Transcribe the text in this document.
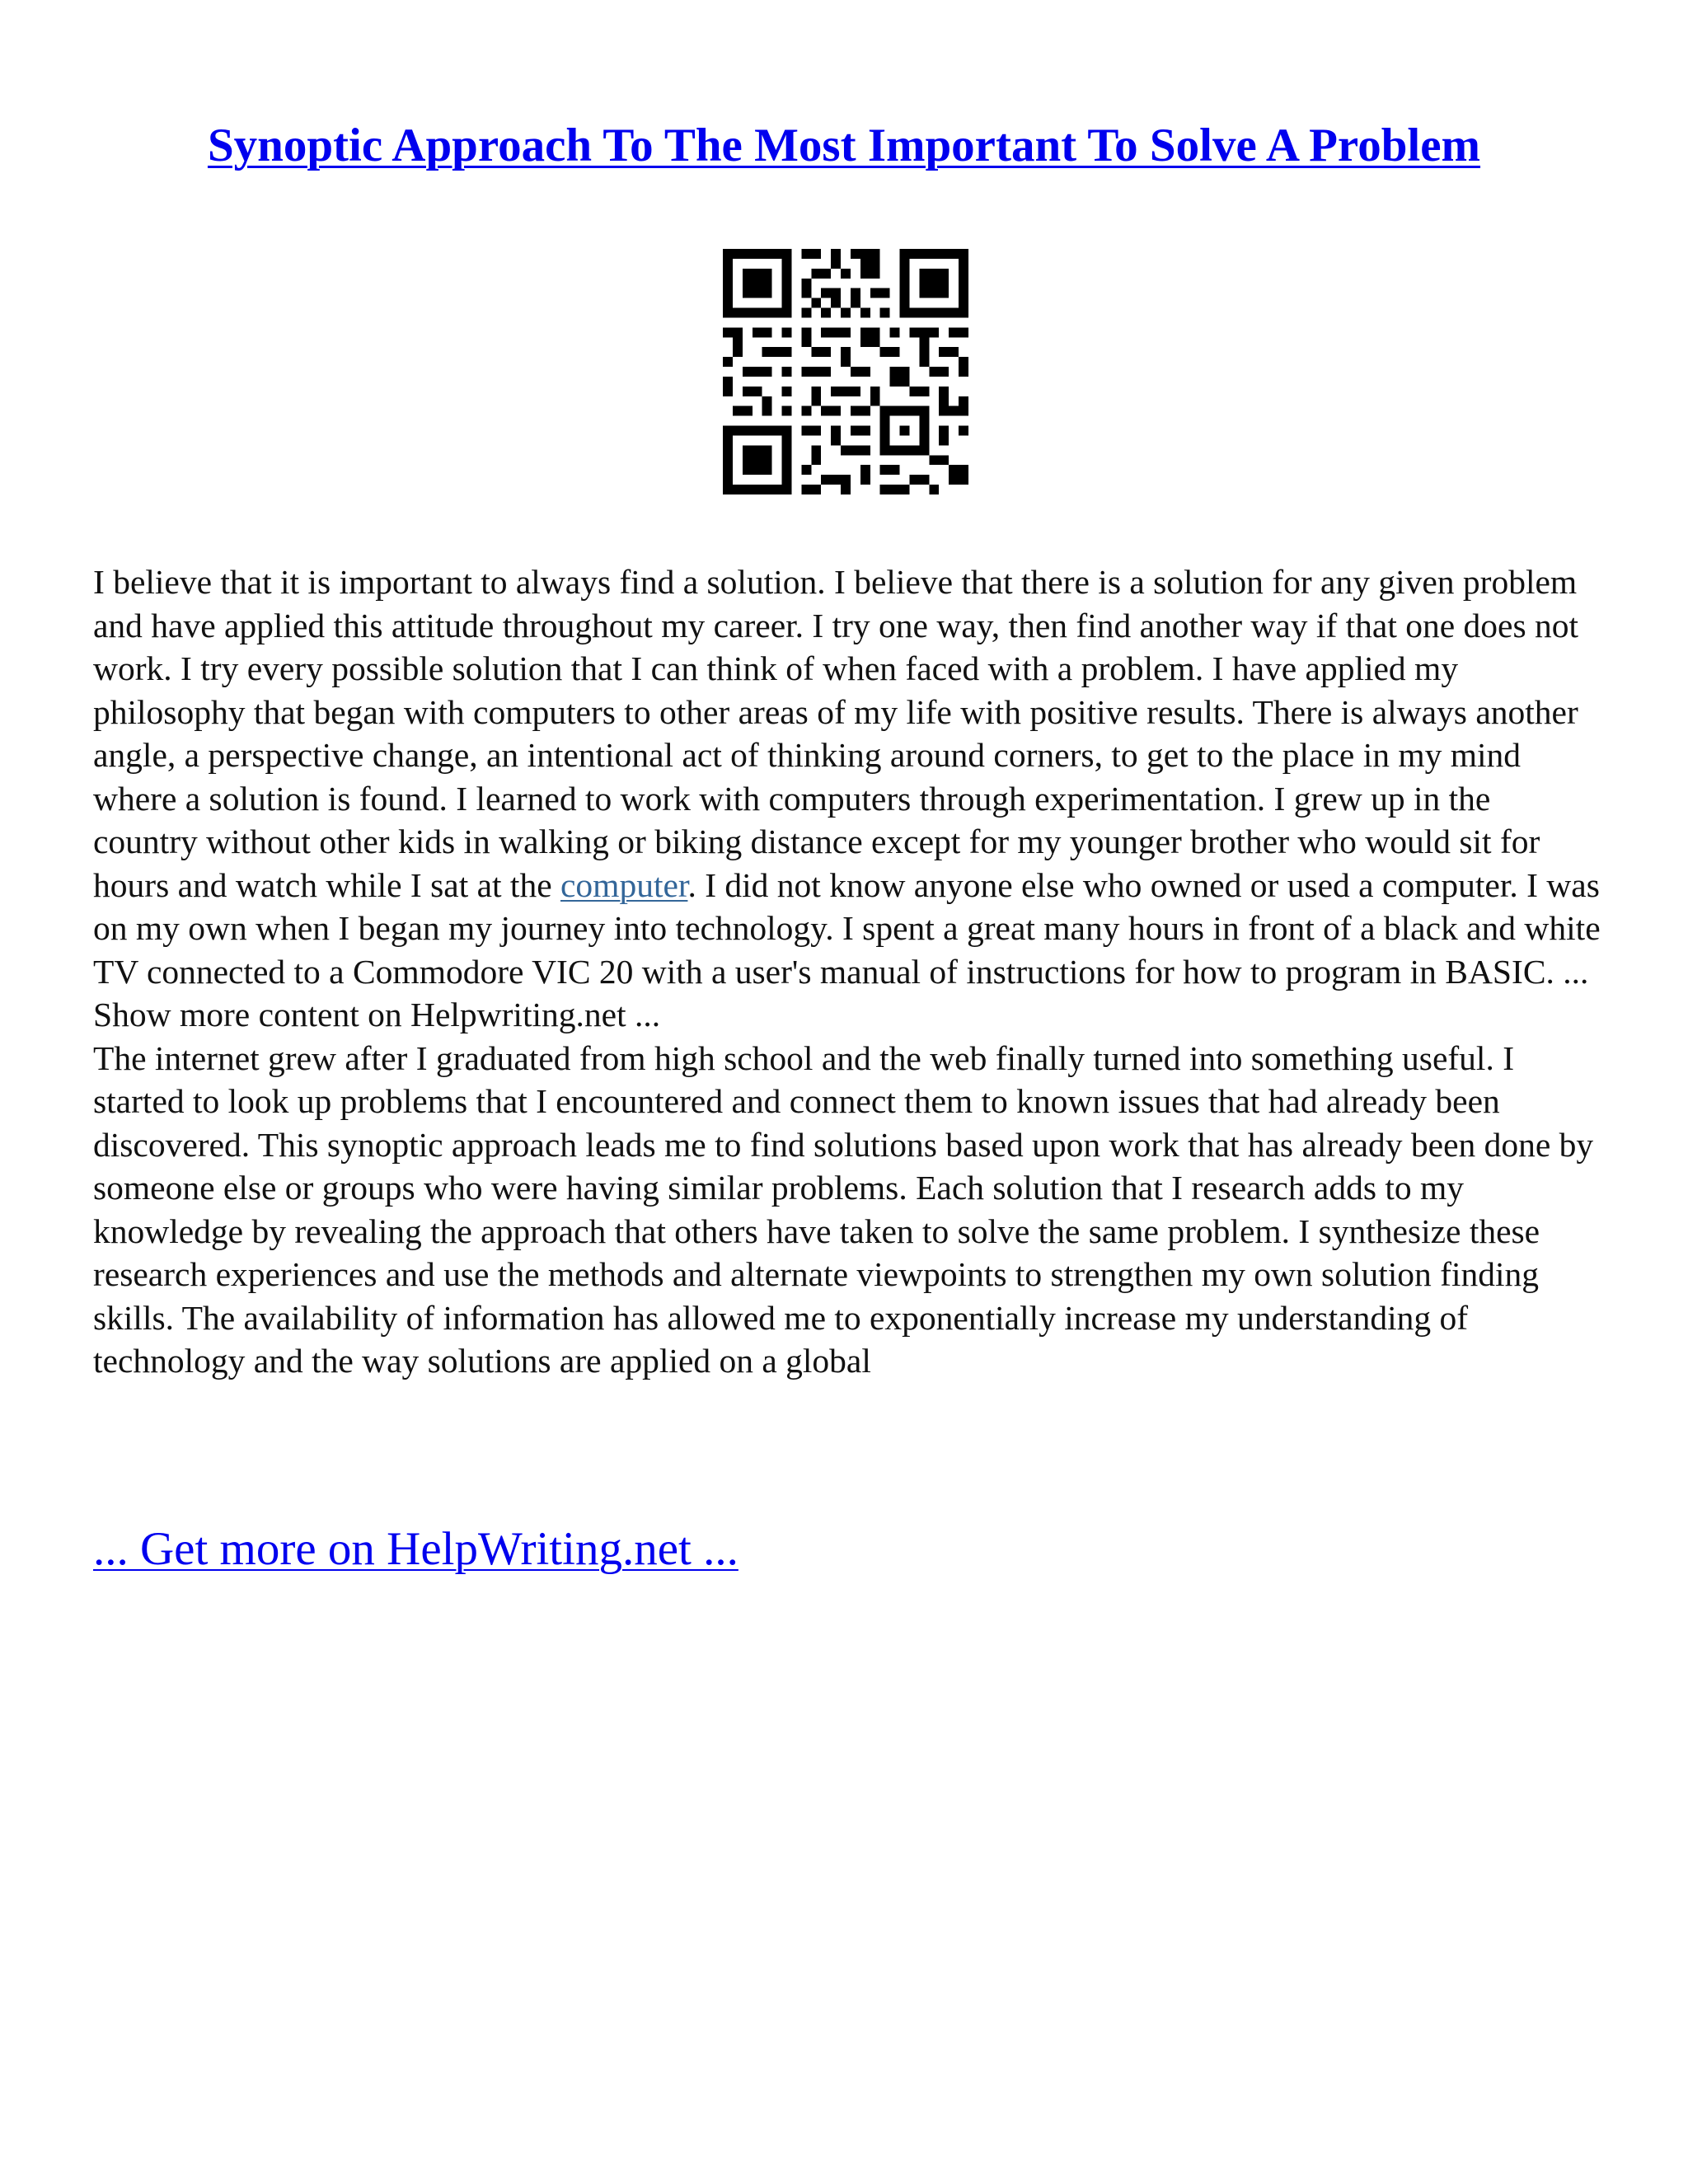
Synoptic Approach To The Most Important To Solve A Problem

I believe that it is important to always find a solution. I believe that there is a solution for any given problem and have applied this attitude throughout my career. I try one way, then find another way if that one does not work. I try every possible solution that I can think of when faced with a problem. I have applied my philosophy that began with computers to other areas of my life with positive results. There is always another angle, a perspective change, an intentional act of thinking around corners, to get to the place in my mind where a solution is found. I learned to work with computers through experimentation. I grew up in the country without other kids in walking or biking distance except for my younger brother who would sit for hours and watch while I sat at the computer. I did not know anyone else who owned or used a computer. I was on my own when I began my journey into technology. I spent a great many hours in front of a black and white TV connected to a Commodore VIC 20 with a user's manual of instructions for how to program in BASIC. ... Show more content on Helpwriting.net ...

The internet grew after I graduated from high school and the web finally turned into something useful. I started to look up problems that I encountered and connect them to known issues that had already been discovered. This synoptic approach leads me to find solutions based upon work that has already been done by someone else or groups who were having similar problems. Each solution that I research adds to my knowledge by revealing the approach that others have taken to solve the same problem. I synthesize these research experiences and use the methods and alternate viewpoints to strengthen my own solution finding skills. The availability of information has allowed me to exponentially increase my understanding of technology and the way solutions are applied on a global

... Get more on HelpWriting.net ...
